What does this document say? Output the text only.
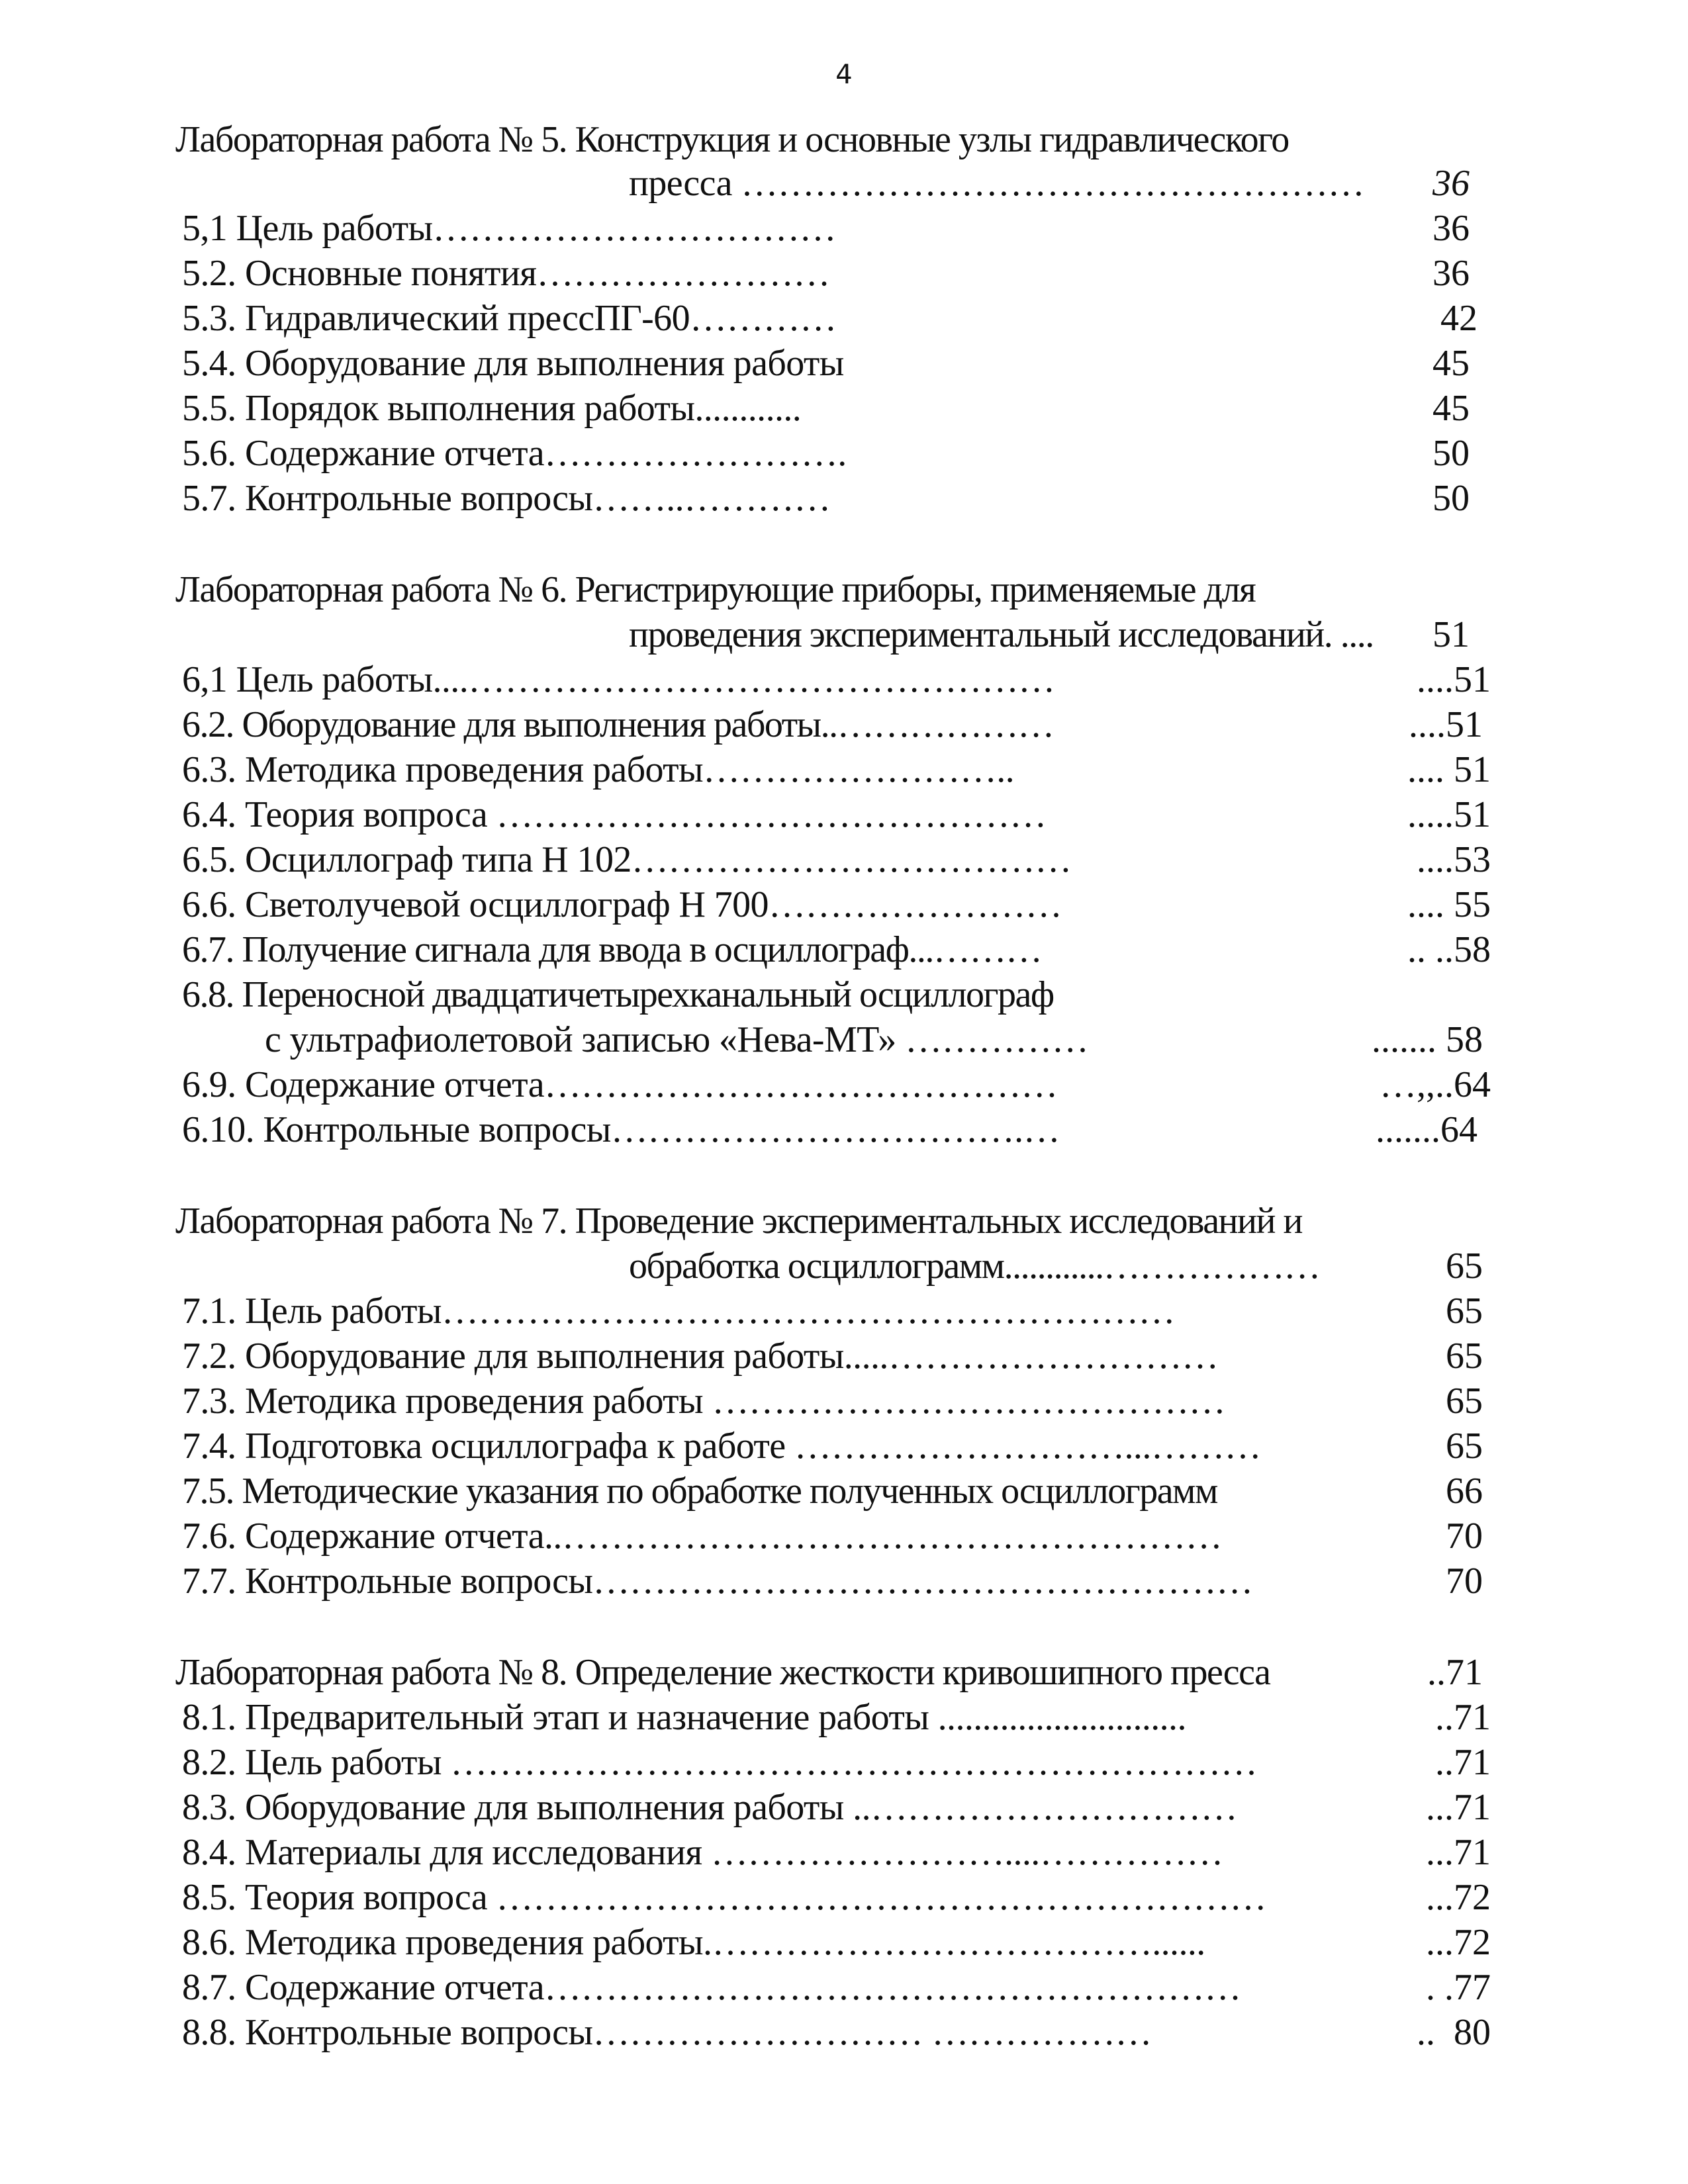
4
Лабораторная работа № 5. Конструкция и основные узлы гидравлического
пресса ……………………………………………	36
5,1 Цель работы……………………………	36
5.2. Основные понятия……………………	36
5.3. Гидравлический прессПГ-60…………	42
5.4. Оборудование для выполнения работы	45
5.5. Порядок выполнения работы............	45
5.6. Содержание отчета…………………….	50
5.7. Контрольные вопросы……..…………	50
Лабораторная работа № 6. Регистрирующие приборы, применяемые для
проведения экспериментальный исследований. ....	51
6,1 Цель работы....…………………………………………	....51
6.2. Оборудование для выполнения работы..………………	....51
6.3. Методика проведения работы……………………..	.... 51
6.4. Теория вопроса ………………………………………	.....51
6.5. Осциллограф типа Н 102………………………………	....53
6.6. Светолучевой осциллограф Н 700……………………	.... 55
6.7. Получение сигнала для ввода в осциллограф...………	.. ..58
6.8. Переносной двадцатичетырехканальный осциллограф
с ультрафиолетовой записью «Нева-МТ» ……………	....... 58
6.9. Содержание отчета……………………………………	…,,..64
6.10. Контрольные вопросы…………………………….…	.......64
Лабораторная работа № 7. Проведение экспериментальных исследований и
обработка осциллограмм............………………	65
7.1. Цель работы……………………………………………………	65
7.2. Оборудование для выполнения работы.....………………………	65
7.3. Методика проведения работы ……………………………………	65
7.4. Подготовка осциллографа к работе ………………………...………	65
7.5. Методические указания по обработке полученных осциллограмм	66
7.6. Содержание отчета..………………………………………………	70
7.7. Контрольные вопросы………………………………………………	70
Лабораторная работа № 8. Определение жесткости кривошипного пресса	..71
8.1. Предварительный этап и назначение работы ............................	..71
8.2. Цель работы …………………………………………………………	..71
8.3. Оборудование для выполнения работы ..…………………………	...71
8.4. Материалы для исследования ……………………....……………	...71
8.5. Теория вопроса ………………………………………………………	...72
8.6. Методика проведения работы.………………………………......	...72
8.7. Содержание отчета…………………………………………………	. .77
8.8. Контрольные вопросы……………………… ………………	..  80
